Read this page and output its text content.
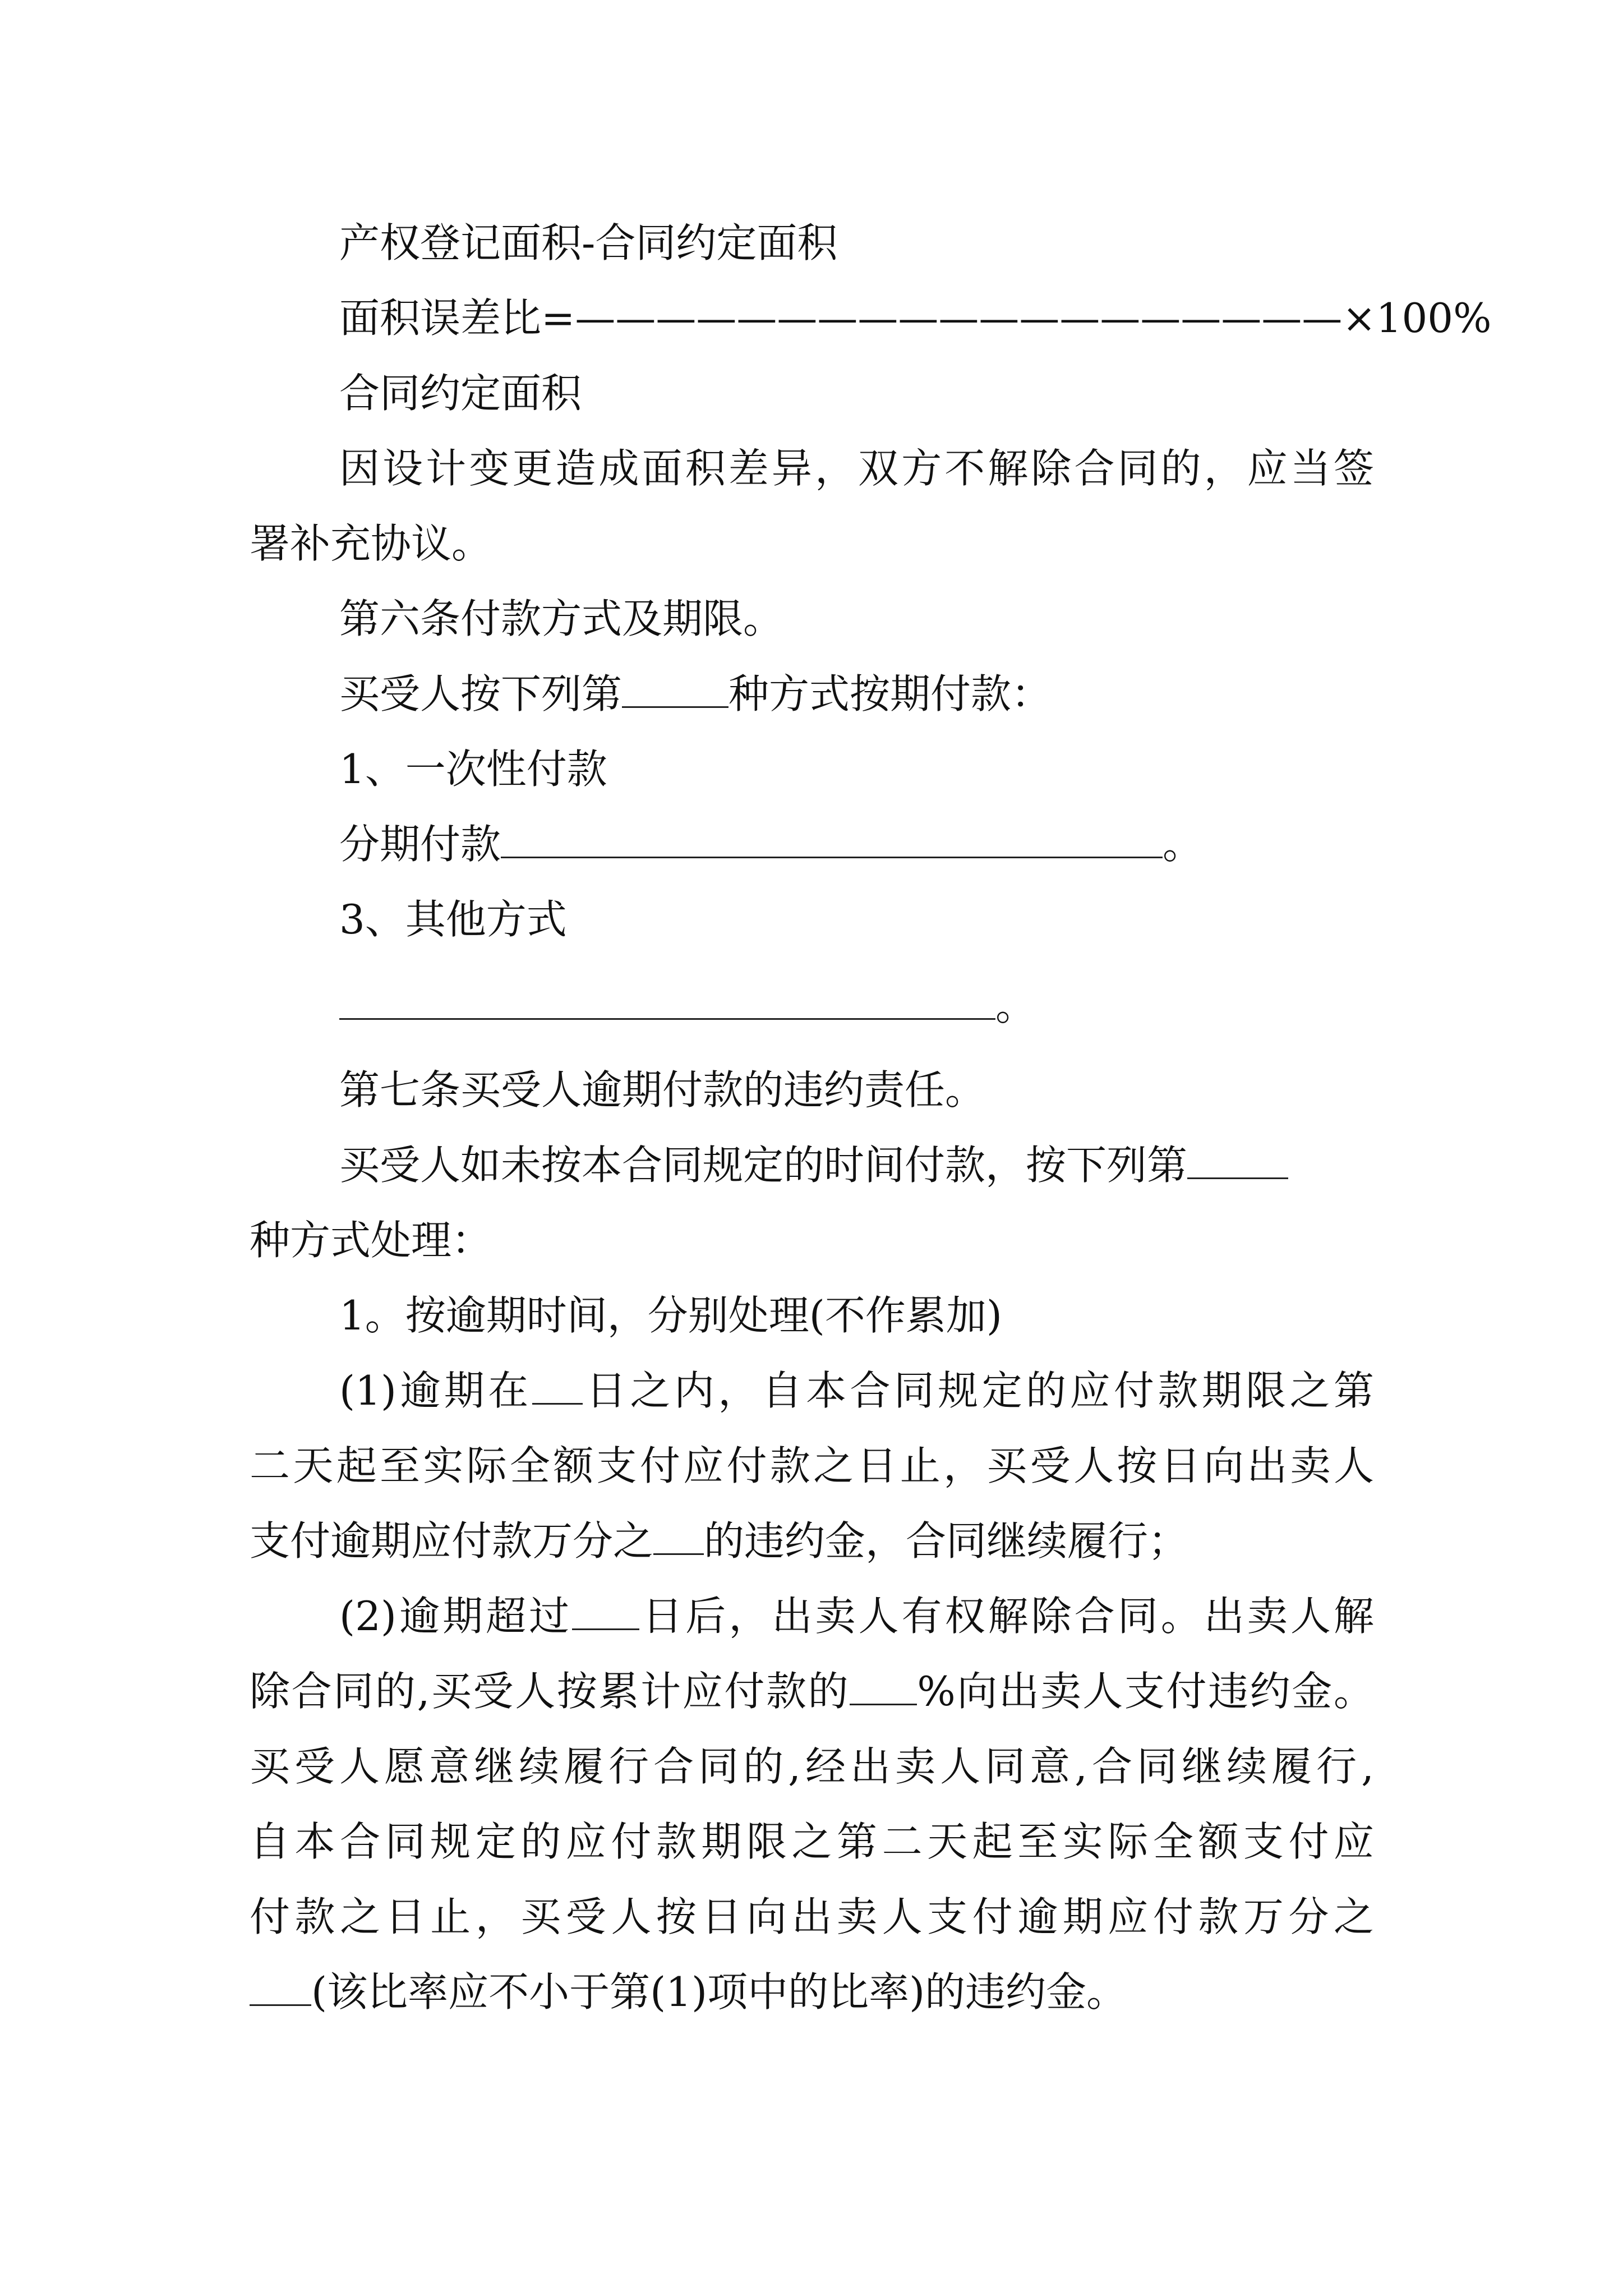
产权登记面积-合同约定面积
面积误差比=———————————————————×100%
合同约定面积
因设计变更造成面积差异，双方不解除合同的，应当签
署补充协议。
第六条付款方式及期限。
买受人按下列第	种方式按期付款：
1、一次性付款
分期付款	。
3、其他方式
。
第七条买受人逾期付款的违约责任。
买受人如未按本合同规定的时间付款，按下列第
种方式处理：
1。按逾期时间，分别处理(不作累加)
(1)逾期在 日之内，自本合同规定的应付款期限之第
二天起至实际全额支付应付款之日止，买受人按日向出卖人
支付逾期应付款万分之 的违约金，合同继续履行；
(2)逾期超过 日后，出卖人有权解除合同。出卖人解
除合同的,买受人按累计应付款的 %向出卖人支付违约金。
买受人愿意继续履行合同的,经出卖人同意,合同继续履行,
自本合同规定的应付款期限之第二天起至实际全额支付应
付款之日止，买受人按日向出卖人支付逾期应付款万分之
(该比率应不小于第(1)项中的比率)的违约金。
